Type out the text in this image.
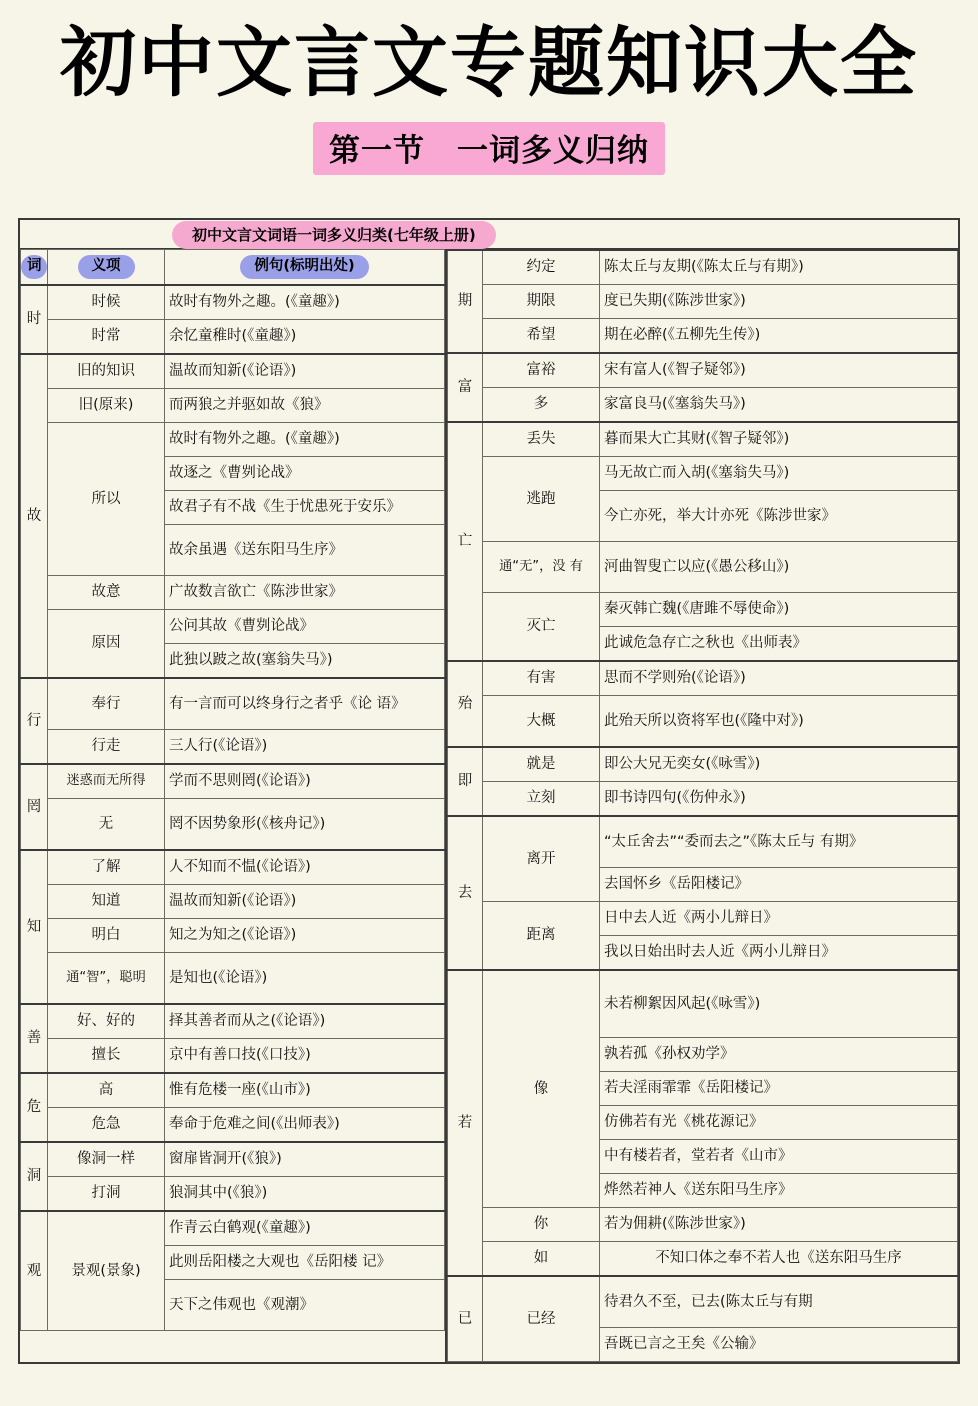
初中文言文专题知识大全
第一节　一词多义归纳
初中文言文词语一词多义归类(七年级上册)
词	义项	例句(标明出处)

时	时候	故时有物外之趣。(《童趣》)
	时常	余忆童稚时(《童趣》)

故	旧的知识	温故而知新(《论语》)
	旧(原来)	而两狼之并驱如故《狼》
	所以	故时有物外之趣。(《童趣》)
		故逐之《曹刿论战》
		故君子有不战《生于忧患死于安乐》
		故余虽遇《送东阳马生序》
	故意	广故数言欲亡《陈涉世家》
	原因	公问其故《曹刿论战》
		此独以跛之故(塞翁失马》)

行	奉行	有一言而可以终身行之者乎《论 语》
	行走	三人行(《论语》)

罔	迷惑而无所得	学而不思则罔(《论语》)
	无	罔不因势象形(《核舟记》)

知	了解	人不知而不愠(《论语》)
	知道	温故而知新(《论语》)
	明白	知之为知之(《论语》)
	通“智”，聪明	是知也(《论语》)

善	好、好的	择其善者而从之(《论语》)
	擅长	京中有善口技(《口技》)

危	高	惟有危楼一座(《山市》)
	危急	奉命于危难之间(《出师表》)

洞	像洞一样	窗扉皆洞开(《狼》)
	打洞	狼洞其中(《狼》)

观	景观(景象)	作青云白鹤观(《童趣》)
		此则岳阳楼之大观也《岳阳楼 记》
		天下之伟观也《观潮》
期	约定	陈太丘与友期(《陈太丘与有期》)
	期限	度已失期(《陈涉世家》)
	希望	期在必醉(《五柳先生传》)

富	富裕	宋有富人(《智子疑邻》)
	多	家富良马(《塞翁失马》)

亡	丢失	暮而果大亡其财(《智子疑邻》)
	逃跑	马无故亡而入胡(《塞翁失马》)
		今亡亦死，举大计亦死《陈涉世家》
	通“无”，没 有	河曲智叟亡以应(《愚公移山》)
	灭亡	秦灭韩亡魏(《唐雎不辱使命》)
		此诚危急存亡之秋也《出师表》

殆	有害	思而不学则殆(《论语》)
	大概	此殆天所以资将军也(《隆中对》)

即	就是	即公大兄无奕女(《咏雪》)
	立刻	即书诗四句(《伤仲永》)

去	离开	“太丘舍去”“委而去之”《陈太丘与 有期》
		去国怀乡《岳阳楼记》
	距离	日中去人近《两小儿辩日》
		我以日始出时去人近《两小儿辩日》

若	像	未若柳絮因风起(《咏雪》)
		孰若孤《孙权劝学》
		若夫淫雨霏霏《岳阳楼记》
		仿佛若有光《桃花源记》
		中有楼若者，堂若者《山市》
		烨然若神人《送东阳马生序》
	你	若为佣耕(《陈涉世家》)
	如	不知口体之奉不若人也《送东阳马生序

已	已经	待君久不至，已去(陈太丘与有期
		吾既已言之王矣《公输》
